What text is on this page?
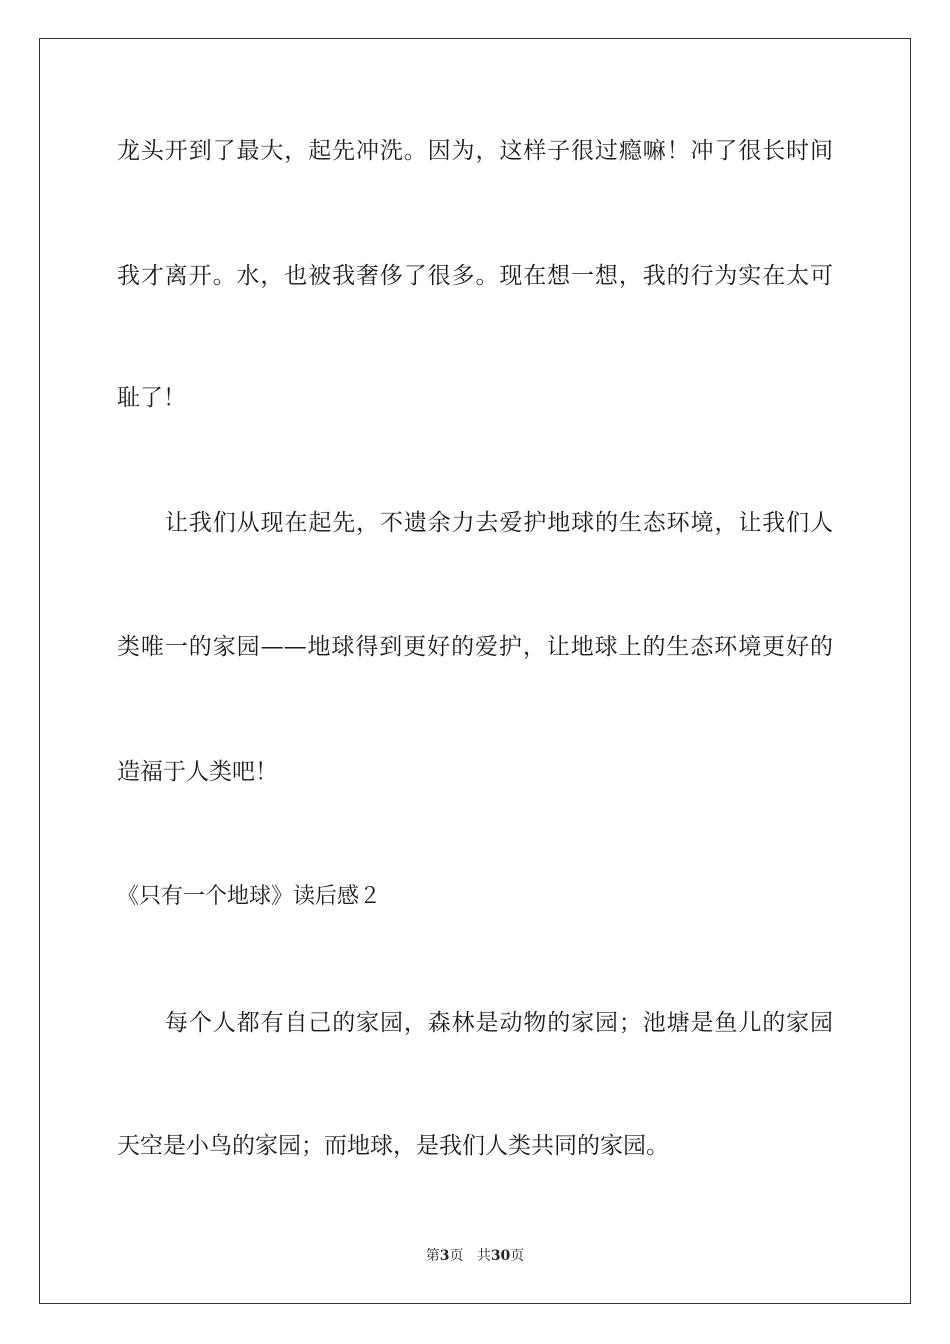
龙头开到了最大，起先冲洗。因为，这样子很过瘾嘛！冲了很长时间
我才离开。水，也被我奢侈了很多。现在想一想，我的行为实在太可
耻了！
让我们从现在起先，不遗余力去爱护地球的生态环境，让我们人
类唯一的家园——地球得到更好的爱护，让地球上的生态环境更好的
造福于人类吧！
《只有一个地球》读后感２
每个人都有自己的家园，森林是动物的家园；池塘是鱼儿的家园
天空是小鸟的家园；而地球，是我们人类共同的家园。
第3页 共30页
